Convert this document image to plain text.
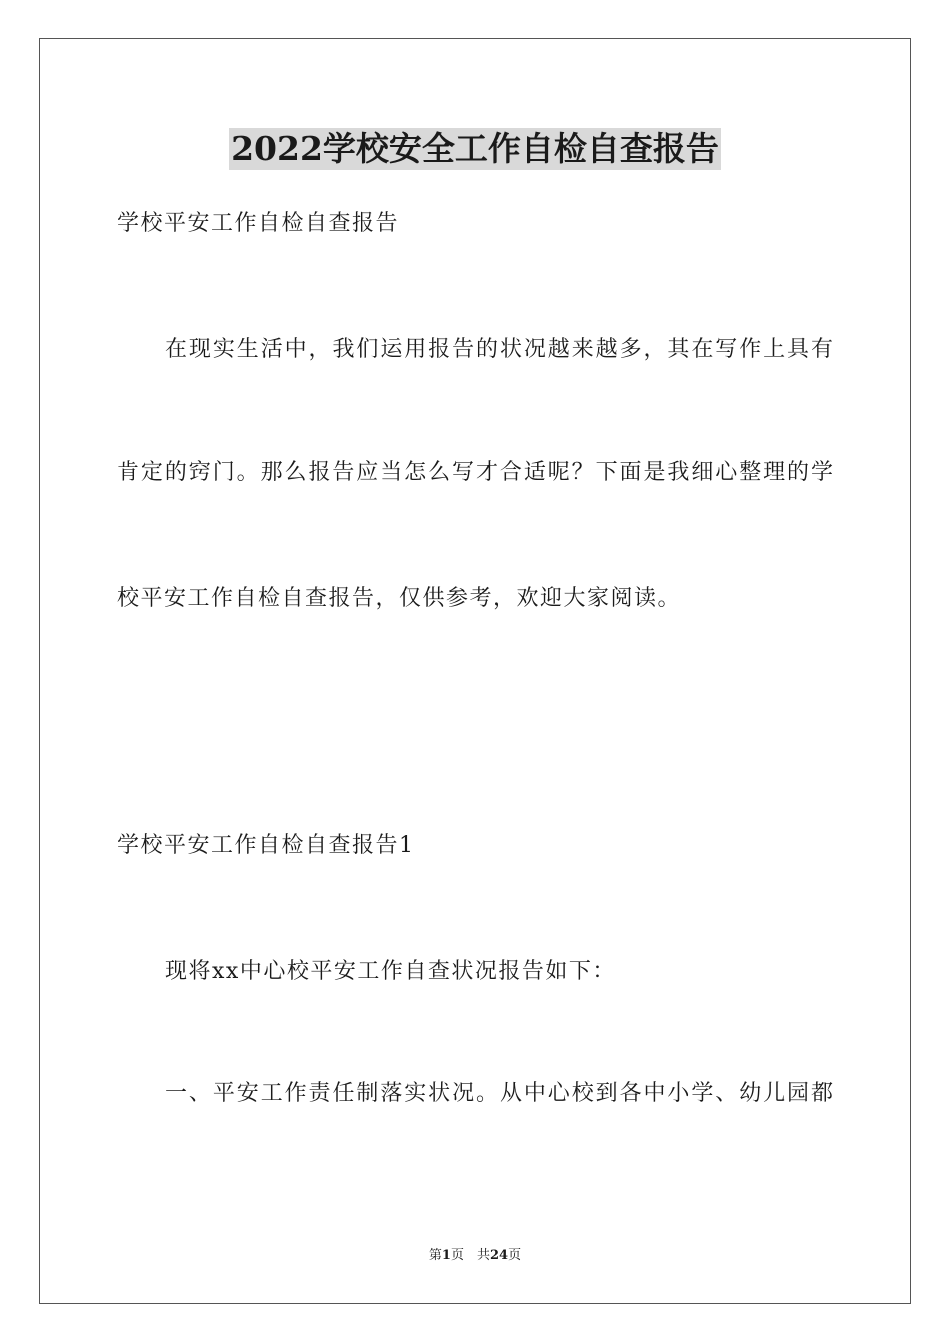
2022学校安全工作自检自查报告

学校平安工作自检自查报告

在现实生活中，我们运用报告的状况越来越多，其在写作上具有

肯定的窍门。那么报告应当怎么写才合适呢？下面是我细心整理的学

校平安工作自检自查报告，仅供参考，欢迎大家阅读。

学校平安工作自检自查报告1

现将xx中心校平安工作自查状况报告如下：

一、平安工作责任制落实状况。从中心校到各中小学、幼儿园都

第1页　共24页
